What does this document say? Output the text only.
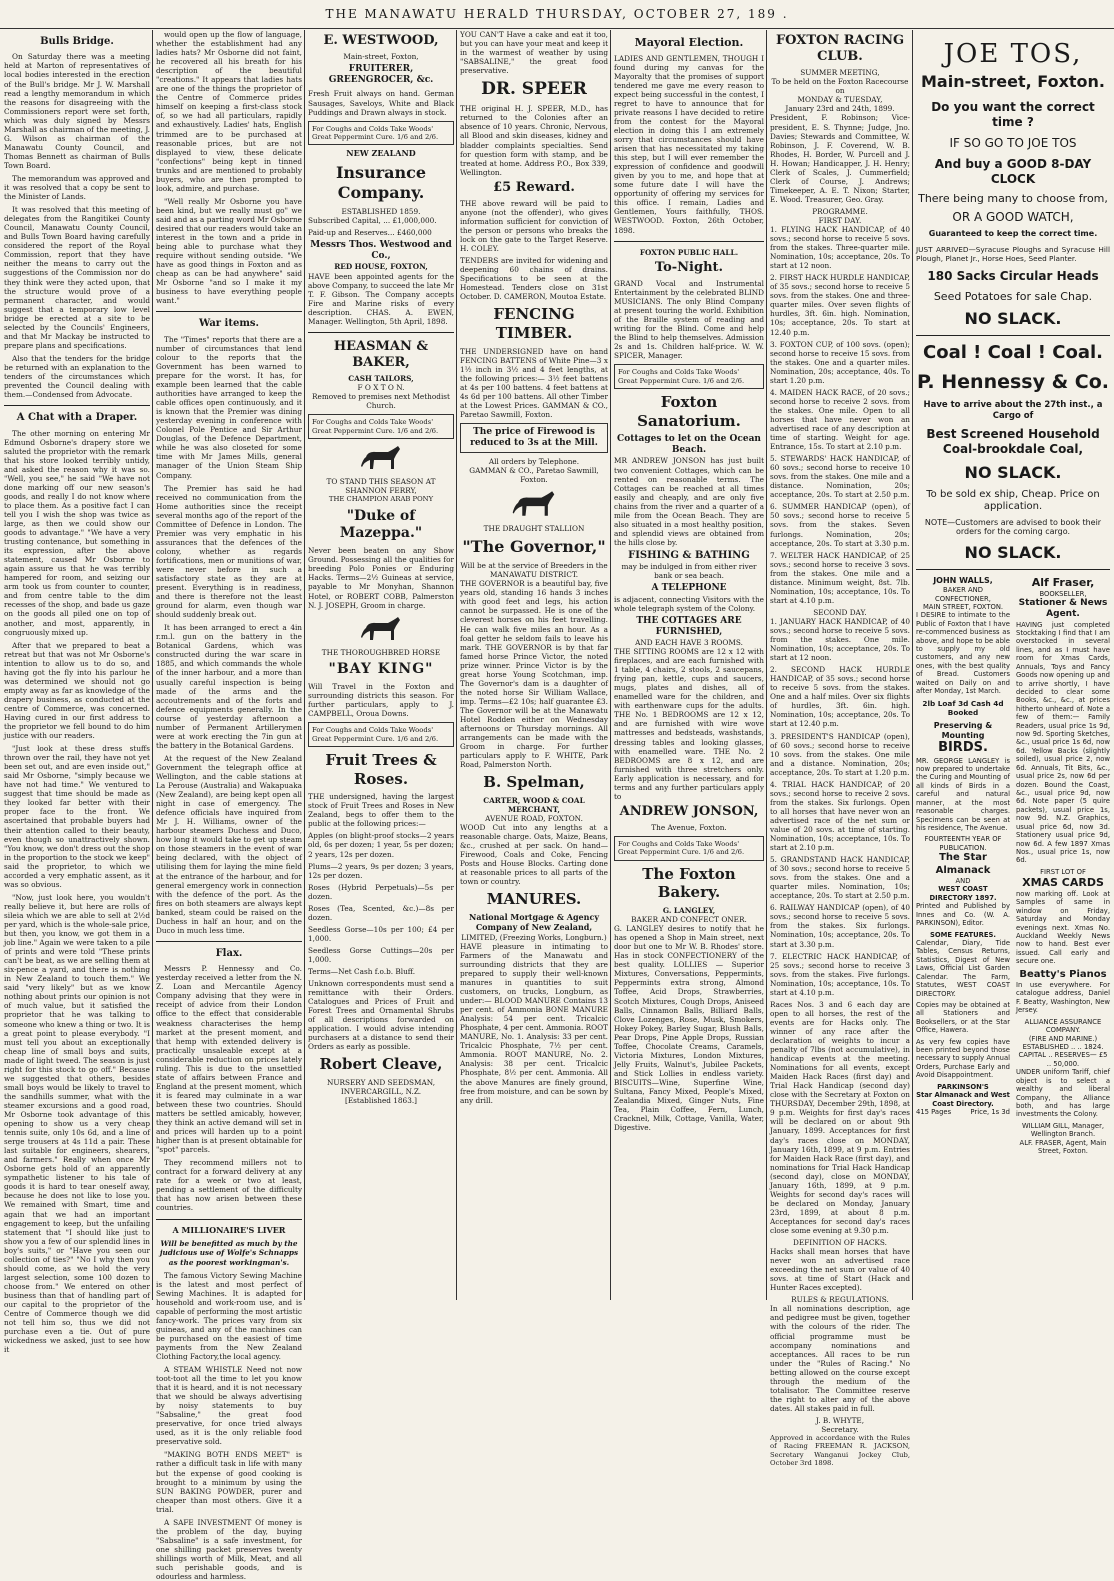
THE MANAWATU HERALD THURSDAY, OCTOBER 27, 189 .
Bulls Bridge.

On Saturday there was a meeting held at Marton of representatives of local bodies interested in the erection of the Bull's bridge. Mr J. W. Marshall read a lengthy memorandum in which the reasons for disagreeing with the Commissioners report were set forth, which was duly signed by Messrs Marshall as chairman of the meeting, J. G. Wilson as chairman of the Manawatu County Council, and Thomas Bennett as chairman of Bulls Town Board.

The memorandum was approved and it was resolved that a copy be sent to the Minister of Lands.

It was resolved that this meeting of delegates from the Rangitikei County Council, Manawatu County Council, and Bulls Town Board having carefully considered the report of the Royal Commission, report that they have neither the means to carry out the suggestions of the Commission nor do they think were they acted upon, that the structure would prove of a permanent character, and would suggest that a temporary low level bridge be erected at a site to be selected by the Councils' Engineers, and that Mr Mackay be instructed to prepare plans and specifications.

Also that the tenders for the bridge be returned with an explanation to the tenders of the circumstances which prevented the Council dealing with them.—Condensed from Advocate.

A Chat with a Draper.

The other morning on entering Mr Edmund Osborne's drapery store we saluted the proprietor with the remark that his store looked terribly untidy, and asked the reason why it was so. "Well, you see," he said "We have not done marking off our new season's goods, and really I do not know where to place them. As a positive fact I can tell you I wish the shop was twice as large, as then we could show our goods to advantage." "We have a very trusting contenance, but something in its expression, after the above statement, caused Mr Osborne to again assure us that he was terribly hampered for room, and seizing our arm took us from counter to counter, and from centre table to the dim recesses of the shop, and bade us gaze on the goods all piled one on top of another, and most, apparently, in congruously mixed up.

After that we prepared to beat a retreat but that was not Mr Osborne's intention to allow us to do so, and having got the fly into his parlour he was determined we should not go empty away as far as knowledge of the drapery business, as conducted at the centre of Commerce, was concerned. Having cured in our first address to the proprietor we fell bound to do him justice with our readers.

"Just look at these dress stuffs thrown over the rail, they have not yet been set out, and are even inside out," said Mr Osborne, "simply because we have not had time." We ventured to suggest that time should be made as they looked far better with their proper face to the front. We ascertained that probable buyers had their attention called to their beauty, even though so unattractively shown. "You know, we don't dress out the shop in the proportion to the stock we keep" said the proprietor, to which we accorded a very emphatic assent, as it was so obvious.

"Now, just look here, you wouldn't really believe it, but here are rolls of sileia which we are able to sell at 2½d per yard, which is the whole-sale price, but then, you know, we got them in a job line." Again we were taken to a pile of prints and were told "These prints can't be beat, as we are selling them at six-pence a yard, and there is nothing in New Zealand to touch them." We said "very likely" but as we know nothing about prints our opinion is not of much value, but it satisfied the proprietor that he was talking to someone who knew a thing or two. It is a great point to please everybody. "I must tell you about an exceptionally cheap line of small boys and suits, made of light tweed. The season is just right for this stock to go off." Because we suggested that others, besides small boys would be likely to travel to the sandhills summer, what with the steamer excursions and a good road, Mr Osborne took advantage of this opening to show us a very cheap tennis suite, only 10s 6d, and a line of serge trousers at 4s 11d a pair. These last suitable for engineers, shearers, and farmers." Really when once Mr Osborne gets hold of an apparently sympathetic listener to his tale of goods it is hard to tear oneself away, because he does not like to lose you. We remained with Smart, time and again that we had an important engagement to keep, but the unfailing statement that "I should like just to show you a few of our splendid lines in boy's suits," or "Have you seen our collection of ties?" "No I why then you should come, as we hold the very largest selection, some 100 dozen to choose from." We entered on other business than that of handling part of our capital to the proprietor of the Centre of Commerce though we did not tell him so, thus we did not purchase even a tie. Out of pure wickedness we asked, just to see how it

would open up the flow of language, whether the establishment had any ladies hats? Mr Osborne did not faint, he recovered all his breath for his description of the beautiful "creations." It appears that ladies hats are one of the things the proprietor of the Centre of Commerce prides himself on keeping a first-class stock of, so we had all particulars, rapidly and exhaustively. Ladies' hats, English trimmed are to be purchased at reasonable prices, but are not displayed to view, these delicate "confections" being kept in tinned trunks and are mentioned to probably buyers, who are then prompted to look, admire, and purchase.

"Well really Mr Osborne you have been kind, but we really must go" we said and as a parting word Mr Osborne desired that our readers would take an interest in the town and a pride in being able to purchase what they require without sending outside. "We have as good things in Foxton and as cheap as can be had anywhere" said Mr Osborne "and so I make it my business to have everything people want."

War items.

The "Times" reports that there are a number of circumstances that lend colour to the reports that the Government has been warned to prepare for the worst. It has, for example been learned that the cable authorities have arranged to keep the cable offices open continuously, and it is known that the Premier was dining yesterday evening in conference with Colonel Pole Pentice and Sir Arthur Douglas, of the Defence Department, while he was also closeted for some time with Mr James Mills, general manager of the Union Steam Ship Company.

The Premier has said he had received no communication from the Home authorities since the receipt several months ago of the report of the Committee of Defence in London. The Premier was very emphatic in his assurances that the defences of the colony, whether as regards fortifications, men or munitions of war, were never before in such a satisfactory state as they are at present. Everything is in readiness, and there is therefore not the least ground for alarm, even though war should suddenly break out.

It has been arranged to erect a 4in r.m.l. gun on the battery in the Botanical Gardens, which was constructed during the war scare in 1885, and which commands the whole of the inner harbour, and a more than usually careful inspection is being made of the arms and the accoutrements and of the forts and defence equipments generally. In the course of yesterday afternoon a number of Permanent Artillerymen were at work erecting the 7in gun at the battery in the Botanical Gardens.

At the request of the New Zealand Government the telegraph office at Wellington, and the cable stations at La Perouse (Australia) and Wakapuaka (New Zealand), are being kept open all night in case of emergency. The defence officials have inquired from Mr J. H. Williams, owner of the harbour steamers Duchess and Duco, how long it would take to get up steam on those steamers in the event of war being declared, with the object of utilising them for laying the mine field at the entrance of the harbour, and for general emergency work in connection with the defence of the port. As the fires on both steamers are always kept banked, steam could be raised on the Duchess in half an hour, and on the Duco in much less time.

Flax.

Messrs P. Hennessy and Co. yesterday received a letter from the N. Z. Loan and Mercantile Agency Company advising that they were in receipt of advice from their London office to the effect that considerable weakness characterises the hemp market at the present moment, and that hemp with extended delivery is practically unsaleable except at a considerable reduction on prices lately ruling. This is due to the unsettled state of affairs between France and England at the present moment, which it is feared may culminate in a war between these two countries. Should matters be settled amicably, however, they think an active demand will set in and prices will harden up to a point higher than is at present obtainable for "spot" parcels.

They recommend millers not to contract for a forward delivery at any rate for a week or two at least, pending a settlement of the difficulty that has now arisen between these countries.

A MILLIONAIRE'S LIVER
Will be benefitted as much by the judicious use of Wolfe's Schnapps as the poorest workingman's.

The famous Victory Sewing Machine is the latest and most perfect of Sewing Machines. It is adapted for household and work-room use, and is capable of performing the most artistic fancy-work. The prices vary from six guineas, and any of the machines can be purchased on the easiest of time payments from the New Zealand Clothing Factory,the local agency.

A STEAM WHISTLE Need not now toot-toot all the time to let you know that it is heard, and it is not necessary that we should be always advertising by noisy statements to buy "Sabsaline," the great food preservative, for once tried always used, as it is the only reliable food preservative sold.

"MAKING BOTH ENDS MEET" is rather a difficult task in life with many but the expense of good cooking is brought to a minimum by using the SUN BAKING POWDER, purer and cheaper than most others. Give it a trial.

A SAFE INVESTMENT Of money is the problem of the day, buying "Sabsaline" is a safe investment, for one shilling packet preserves twenty shillings worth of Milk, Meat, and all such perishable goods, and is odourless and harmless.

E. WESTWOOD,
Main-street, Foxton,
FRUITERER, GREENGROCER, &c.
Fresh Fruit always on hand. German Sausages, Saveloys, White and Black Puddings and Drawn always in stock.
For Coughs and Colds Take Woods' Great Peppermint Cure. 1/6 and 2/6.
NEW ZEALAND
Insurance Company.
ESTABLISHED 1859.
Subscribed Capital, ... £1,000,000.
Paid-up and Reserves... £460,000
Messrs Thos. Westwood and Co.,
RED HOUSE, FOXTON,
HAVE been appointed agents for the above Company, to succeed the late Mr T. F. Gibson. The Company accepts Fire and Marine risks of every description. CHAS. A. EWEN, Manager. Wellington, 5th April, 1898.
HEASMAN & BAKER,
CASH TAILORS,
F O X T O N.
Removed to premises next Methodist Church.
For Coughs and Colds Take Woods' Great Peppermint Cure. 1/6 and 2/6.
TO STAND THIS SEASON AT SHANNON FERRY,
THE CHAMPION ARAB PONY
"Duke of Mazeppa."
Never been beaten on any Show Ground. Possessing all the qualities for breeding Polo Ponies or Enduring Hacks. Terms—2½ Guineas at service, payable to Mr Monyhan, Shannon Hotel, or ROBERT COBB, Palmerston N. J. JOSEPH, Groom in charge.
THE THOROUGHBRED HORSE
"BAY KING"
Will Travel in the Foxton and surrounding districts this season. For further particulars, apply to J. CAMPBELL, Oroua Downs.
For Coughs and Colds Take Woods' Great Peppermint Cure. 1/6 and 2/6.
Fruit Trees & Roses.
THE undersigned, having the largest stock of Fruit Trees and Roses in New Zealand, begs to offer them to the public at the following prices:—
Apples (on blight-proof stocks—2 years old, 6s per dozen; 1 year, 5s per dozen; 2 years, 12s per dozen.
Plums—2 years, 9s per dozen; 3 years, 12s per dozen.
Roses (Hybrid Perpetuals)—5s per dozen.
Roses (Tea, Scented, &c.)—8s per dozen.
Seedless Gorse—10s per 100; £4 per 1,000.
Seedless Gorse Cuttings—20s per 1,000.
Terms—Net Cash f.o.b. Bluff.
Unknown correspondents must send a remittance with their Orders. Catalogues and Prices of Fruit and Forest Trees and Ornamental Shrubs of all descriptions forwarded on application. I would advise intending purchasers at a distance to send their Orders as early as possible.
Robert Cleave,
NURSERY AND SEEDSMAN,
INVERCARGILL, N.Z.
[Established 1863.]
YOU CAN'T Have a cake and eat it too, but you can have your meat and keep it in the warmest of weather by using "SABSALINE," the great food preservative.
DR. SPEER
THE original H. J. SPEER, M.D., has returned to the Colonies after an absence of 10 years. Chronic, Nervous, all Blood and skin diseases, kidney and bladder complaints specialties. Send for question form with stamp, and be treated at home. Address P.O., Box 339, Wellington.
£5 Reward.
THE above reward will be paid to anyone (not the offender), who gives information sufficient for conviction of the person or persons who breaks the lock on the gate to the Target Reserve. H. COLEY.
TENDERS are invited for widening and deepening 60 chains of drains. Specifications to be seen at the Homestead. Tenders close on 31st October. D. CAMERON, Moutoa Estate.
FENCING TIMBER.
THE UNDERSIGNED have on hand FENCING BATTENS of White Pine—3 x 1½ inch in 3½ and 4 feet lengths, at the following prices:— 3½ feet battens at 4s per 100 battens. 4 feet battens at 4s 6d per 100 battens. All other Timber at the Lowest Prices. GAMMAN & CO., Paretao Sawmill, Foxton.
The price of Firewood is reduced to 3s at the Mill.
All orders by Telephone.
GAMMAN & CO., Paretao Sawmill, Foxton.
THE DRAUGHT STALLION
"The Governor,"
Will be at the service of Breeders in the MANAWATU DISTRICT.
THE GOVERNOR is a beautiful bay, five years old, standing 16 hands 3 inches with good feet and legs, his action cannot be surpassed. He is one of the cleverest horses on his feet travelling. He can walk five miles an hour. As a foal getter he seldom fails to leave his mark. THE GOVERNOR is by that far famed horse Prince Victor, the noted prize winner. Prince Victor is by the great horse Young Scotchman, imp. The Governor's dam is a daughter of the noted horse Sir William Wallace, imp. Terms—£2 10s; half guarantee £3. The Governor will be at the Manawatu Hotel Rodden either on Wednesday afternoons or Thursday mornings. All arrangements can be made with the Groom in charge. For further particulars apply to F. WHITE, Park Road, Palmerston North.
B. Spelman,
CARTER, WOOD & COAL MERCHANT,
AVENUE ROAD, FOXTON.
WOOD Cut into any lengths at a reasonable charge. Oats, Maize, Beans, &c., crushed at per sack. On hand—Firewood, Coals and Coke, Fencing Posts and House Blocks. Carting done at reasonable prices to all parts of the town or country.
MANURES.
National Mortgage & Agency Company of New Zealand,
LIMITED, (Freezing Works, Longburn.)
HAVE pleasure in intimating to Farmers of the Manawatu and surrounding districts that they are prepared to supply their well-known manures in quantities to suit customers, on trucks, Longburn, as under:— BLOOD MANURE Contains 13 per cent. of Ammonia BONE MANURE Analysis: 54 per cent. Tricalcic Phosphate, 4 per cent. Ammonia. ROOT MANURE, No. 1. Analysis: 33 per cent. Tricalcic Phosphate, 7½ per cent. Ammonia. ROOT MANURE, No. 2. Analysis: 38 per cent. Tricalcic Phosphate, 8½ per cent. Ammonia. All the above Manures are finely ground, free from moisture, and can be sown by any drill.
Mayoral Election.
LADIES AND GENTLEMEN, THOUGH I found during my canvas for the Mayoralty that the promises of support tendered me gave me every reason to expect being successful in the contest, I regret to have to announce that for private reasons I have decided to retire from the contest for the Mayoral election in doing this I am extremely sorry that circumstances should have arisen that has necessitated my taking this step, but I will ever remember the expression of confidence and goodwill given by you to me, and hope that at some future date I will have the opportunity of offering my services for this office. I remain, Ladies and Gentlemen, Yours faithfully, THOS. WESTWOOD. Foxton, 26th October, 1898.
FOXTON PUBLIC HALL.
To-Night.
GRAND Vocal and Instrumental Entertainment by the celebrated BLIND MUSICIANS. The only Blind Company at present touring the world. Exhibition of the Braille system of reading and writing for the Blind. Come and help the Blind to help themselves. Admission 2s and 1s. Children half-price. W. W. SPICER, Manager.
For Coughs and Colds Take Woods' Great Peppermint Cure. 1/6 and 2/6.
Foxton Sanatorium.
Cottages to let on the Ocean Beach.
MR ANDREW JONSON has just built two convenient Cottages, which can be rented on reasonable terms. The Cottages can be reached at all times easily and cheaply, and are only five chains from the river and a quarter of a mile from the Ocean Beach. They are also situated in a most healthy position, and splendid views are obtained from the hills close by.
FISHING & BATHING
may be indulged in from either river bank or sea beach.
A TELEPHONE
is adjacent, connecting Visitors with the whole telegraph system of the Colony.
THE COTTAGES ARE FURNISHED,
AND EACH HAVE 3 ROOMS.
THE SITTING ROOMS are 12 x 12 with fireplaces, and are each furnished with 1 table, 4 chairs, 2 stools, 2 saucepans, frying pan, kettle, cups and saucers, mugs, plates and dishes, all of enamelled ware for the children, and with earthenware cups for the adults. THE No. 1 BEDROOMS are 12 x 12, and are furnished with wire wove mattresses and bedsteads, washstands, dressing tables and looking glasses, with enamelled ware. THE No. 2 BEDROOMS are 8 x 12, and are furnished with three stretchers only. Early application is necessary, and for terms and any further particulars apply to
ANDREW JONSON,
The Avenue, Foxton.
For Coughs and Colds Take Woods' Great Peppermint Cure. 1/6 and 2/6.
The Foxton Bakery.
G. LANGLEY,
BAKER AND CONFECT ONER.
G. LANGLEY desires to notify that he has opened a Shop in Main street, next door but one to Mr W. B. Rhodes' store. Has in stock CONFECTIONERY of the best quality. LOLLIES — Superior Mixtures, Conversations, Peppermints, Peppermints extra strong, Almond Toffee, Acid Drops, Strawberries, Scotch Mixtures, Cough Drops, Aniseed Balls, Cinnamon Balls, Billiard Balls, Clove Lozenges, Rose, Musk, Smokers, Hokey Pokey, Barley Sugar, Blush Balls, Pear Drops, Pine Apple Drops, Russian Toffee, Chocolate Creams, Caramels, Victoria Mixtures, London Mixtures, Jelly Fruits, Walnut's, Jubilee Packets, and Stick Lollies in endless variety. BISCUITS—Wine, Superfine Wine, Sultana, Fancy Mixed, People's Mixed, Zealandia Mixed, Ginger Nuts, Fine Tea, Plain Coffee, Fern, Lunch, Cracknel, Milk, Cottage, Vanilla, Water, Digestive.
FOXTON RACING CLUB.
SUMMER MEETING,
To be held on the Foxton Racecourse on
MONDAY & TUESDAY,
January 23rd and 24th, 1899.
President, F. Robinson; Vice-president, E. S. Thynne; Judge, Jno. Davies; Stewards and Committee, W. Robinson, J. F. Coverend, W. B. Rhodes, H. Border, W. Purcell and J. H. Howan; Handicapper, J. H. Henry; Clerk of Scales, J. Cummerfield; Clerk of Course, J. Andrews; Timekeeper, A. E. T. Nixon; Starter, E. Wood. Treasurer, Geo. Gray.
PROGRAMME.
FIRST DAY.
1. FLYING HACK HANDICAP, of 40 sovs.; second horse to receive 5 sovs. from the stakes. Three-quarter mile. Nomination, 10s; acceptance, 20s. To start at 12 noon.
2. FIRST HACK HURDLE HANDICAP, of 35 sovs.; second horse to receive 5 sovs. from the stakes. One and three-quarter miles. Over seven flights of hurdles, 3ft. 6in. high. Nomination, 10s; acceptance, 20s. To start at 12.40 p.m.
3. FOXTON CUP, of 100 sovs. (open); second horse to receive 15 sovs. from the stakes. One and a quarter miles. Nomination, 20s; acceptance, 40s. To start 1.20 p.m.
4. MAIDEN HACK RACE, of 20 sovs.; second horse to receive 2 sovs. from the stakes. One mile. Open to all horses that have never won an advertised race of any description at time of starting. Weight for age. Entrance, 15s. To start at 2.10 p.m.
5. STEWARDS' HACK HANDICAP, of 60 sovs.; second horse to receive 10 sovs. from the stakes. One mile and a distance. Nomination, 20s; acceptance, 20s. To start at 2.50 p.m.
6. SUMMER HANDICAP (open), of 50 sovs.; second horse to receive 5 sovs. from the stakes. Seven furlongs. Nomination, 20s; acceptance, 20s. To start at 3.30 p.m.
7. WELTER HACK HANDICAP, of 25 sovs.; second horse to receive 3 sovs. from the stakes. One mile and a distance. Minimum weight, 8st. 7lb. Nomination, 10s; acceptance, 10s. To start at 4.10 p.m.
SECOND DAY.
1. JANUARY HACK HANDICAP, of 40 sovs.; second horse to receive 5 sovs. from the stakes. One mile. Nomination, 10s; acceptance, 20s. To start at 12 noon.
2. SECOND HACK HURDLE HANDICAP, of 35 sovs.; second horse to receive 5 sovs. from the stakes. One and a half miles. Over six flights of hurdles, 3ft. 6in. high. Nomination, 10s; acceptance, 20s. To start at 12.40 p.m.
3. PRESIDENT'S HANDICAP (open), of 60 sovs.; second horse to receive 10 sovs. from the stakes. One mile and a distance. Nomination, 20s; acceptance, 20s. To start at 1.20 p.m.
4. TRIAL HACK HANDICAP, of 20 sovs.; second horse to receive 2 sovs. from the stakes. Six furlongs. Open to all horses that have never won an advertised race of the net sum or value of 20 sovs. at time of starting. Nomination, 10s; acceptance, 10s. To start at 2.10 p.m.
5. GRANDSTAND HACK HANDICAP, of 30 sovs.; second horse to receive 5 sovs. from the stakes. One and a quarter miles. Nomination, 10s; acceptance, 20s. To start at 2.50 p.m.
6. RAILWAY HANDICAP (open), of 40 sovs.; second horse to receive 5 sovs. from the stakes. Six furlongs. Nomination, 10s; acceptance, 20s. To start at 3.30 p.m.
7. ELECTRIC HACK HANDICAP, of 25 sovs.; second horse to receive 3 sovs. from the stakes. Five furlongs. Nomination, 10s; acceptance, 10s. To start at 4.10 p.m.
Races Nos. 3 and 6 each day are open to all horses, the rest of the events are for Hacks only. The winner of any race after the declaration of weights to incur a penalty of 7lbs (not accumulative), in handicap events at the meeting. Nominations for all events, except Maiden Hack Races (first day) and Trial Hack Handicap (second day) close with the Secretary at Foxton on THURSDAY, December 29th, 1898, at 9 p.m. Weights for first day's races will be declared on or about 9th January, 1899. Acceptances for first day's races close on MONDAY, January 16th, 1899, at 9 p.m. Entries for Maiden Hack Race (first day), and nominations for Trial Hack Handicap (second day), close on MONDAY, January 16th, 1899, at 9 p.m. Weights for second day's races will be declared on Monday, January 23rd, 1899, at about 8 p.m. Acceptances for second day's races close some evening at 9.30 p.m.
DEFINITION OF HACKS.
Hacks shall mean horses that have never won an advertised race exceeding the net sum or value of 40 sovs. at time of Start (Hack and Hunter Races excepted).
RULES & REGULATIONS.
In all nominations description, age and pedigree must be given, together with the colours of the rider. The official programme must be accompany nominations and acceptances. All races to be run under the "Rules of Racing." No betting allowed on the course except through the medium of the totalisator. The Committee reserve the right to alter any of the above dates. All stakes paid in full.
J. B. WHYTE,
Secretary.
Approved in accordance with the Rules of Racing FREEMAN R. JACKSON, Secretary Wanganui Jockey Club, October 3rd 1898.
JOE TOS,
Main-street, Foxton.
Do you want the correct time ?
IF SO GO TO JOE TOS
And buy a GOOD 8-DAY CLOCK
There being many to choose from,
OR A GOOD WATCH,
Guaranteed to keep the correct time.
JUST ARRIVED—Syracuse Ploughs and Syracuse Hill Plough, Planet Jr., Horse Hoes, Seed Planter.
180 Sacks Circular Heads
Seed Potatoes for sale Chap.
NO SLACK.
Coal ! Coal ! Coal.
P. Hennessy & Co.
Have to arrive about the 27th inst., a Cargo of
Best Screened Household Coal-brookdale Coal,
NO SLACK.
To be sold ex ship, Cheap. Price on application.
NOTE—Customers are advised to book their orders for the coming cargo.
NO SLACK.
JOHN WALLS,
BAKER AND CONFECTIONER,
MAIN STREET, FOXTON.
I DESIRE to intimate to the Public of Foxton that I have re-commenced business as above, and hope to be able to supply my old customers, and any new ones, with the best quality of Bread. Customers waited on Daily on and after Monday, 1st March.
2lb Loaf 3d Cash 4d Booked
Preserving & Mounting
BIRDS.
MR. GEORGE LANGLEY is now prepared to undertake the Curing and Mounting of all kinds of Birds in a careful and natural manner, at the most reasonable charges. Specimens can be seen at his residence, The Avenue.
FOURTEENTH YEAR OF PUBLICATION.
The Star Almanack
AND
WEST COAST DIRECTORY 1897.
Printed and Published by Innes and Co. (W. A. PARKINSON), Editor.
SOME FEATURES.
Calendar, Diary, Tide Tables, Census Returns, Statistics, Digest of New Laws, Official List Garden Calendar. The Farm, Statutes, WEST COAST DIRECTORY.
Copies may be obtained at all Stationers and Booksellers, or at the Star Office, Hawera.
As very few copies have been printed beyond those necessary to supply Annual Orders, Purchase Early and Avoid Disappointment.
PARKINSON'S
Star Almanack and West Coast Directory.
415 Pages	Price, 1s 3d
Alf Fraser,
BOOKSELLER,
Stationer & News Agent.
HAVING just completed Stocktaking I find that I am overstocked in several lines, and as I must have room for Xmas Cards, Annuals, Toys and Fancy Goods now opening up and to arrive shortly, I have decided to clear some Books, &c., &c., at prices hitherto unheard of. Note a few of them:— Family Readers, usual price 1s 9d, now 9d. Sporting Sketches, &c., usual price 1s 6d, now 6d. Yellow Backs (slightly soiled), usual price 2, now 6d. Annuals, Tit Bits, &c., usual price 2s, now 6d per dozen. Bound the Coast, &c., usual price 9d, now 6d. Note paper (5 quire packets), usual price 1s, now 9d. N.Z. Graphics, usual price 6d, now 3d. Stationery usual price 9d, now 6d. A few 1897 Xmas Nos., usual price 1s, now 6d.
FIRST LOT OF
XMAS CARDS
now marking off. Look at Samples of same in window on Friday, Saturday and Monday evenings next. Xmas No. Auckland Weekly News now to hand. Best ever issued. Call early and secure one.
Beatty's Pianos
In use everywhere. For catalogue address, Daniel F. Beatty, Washington, New Jersey.
ALLIANCE ASSURANCE COMPANY.
(FIRE AND MARINE.)
ESTABLISHED .. .. 1824.
CAPITAL .. RESERVES— £5 .. 50,000.
UNDER uniform Tariff, chief object is to select a wealthy and liberal Company, the Alliance both, and has large investments the Colony.
WILLIAM GILL, Manager, Wellington Branch.
ALF. FRASER, Agent, Main Street, Foxton.
